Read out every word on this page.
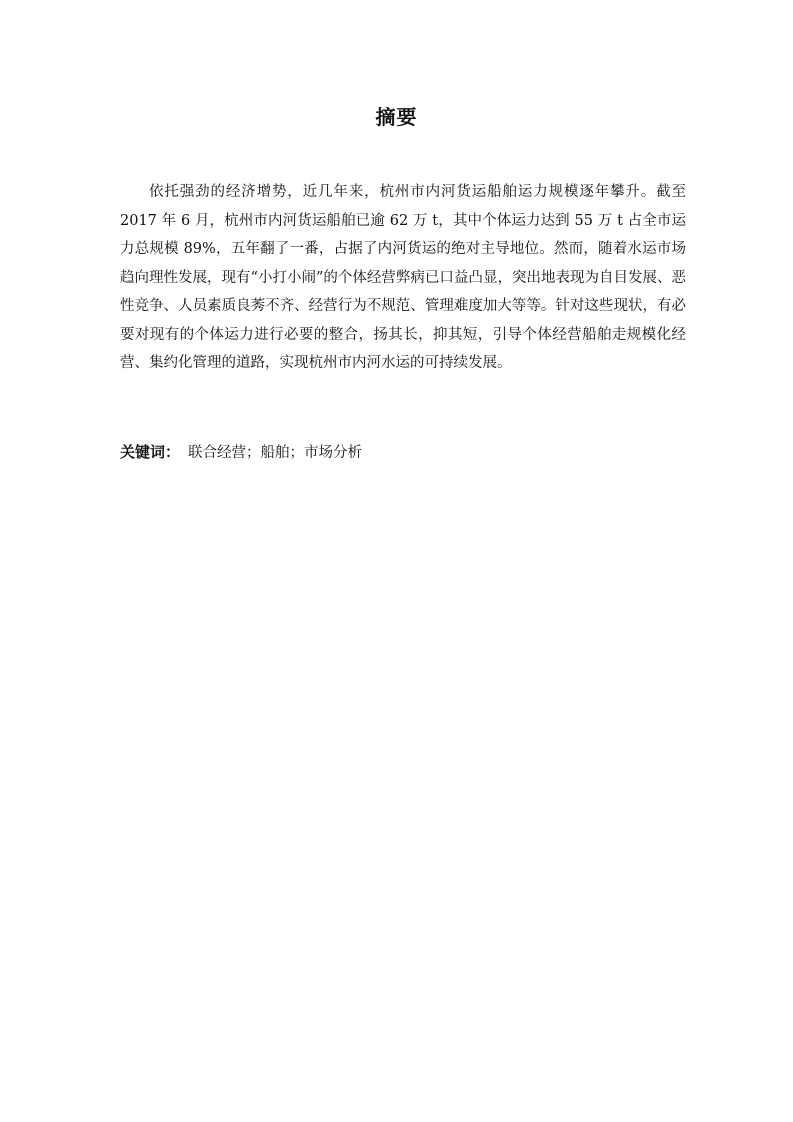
摘要

依托强劲的经济增势，近几年来，杭州市内河货运船舶运力规模逐年攀升。截至 2017 年 6 月，杭州市内河货运船舶已逾 62 万 t，其中个体运力达到 55 万 t 占全市运力总规模 89%，五年翻了一番，占据了内河货运的绝对主导地位。然而，随着水运市场趋向理性发展，现有“小打小闹”的个体经营弊病已口益凸显，突出地表现为自目发展、恶性竞争、人员素质良莠不齐、经营行为不规范、管理难度加大等等。针对这些现状，有必要对现有的个体运力进行必要的整合，扬其长，抑其短，引导个体经营船舶走规模化经营、集约化管理的道路，实现杭州市内河水运的可持续发展。

关键词： 联合经营；船舶；市场分析
